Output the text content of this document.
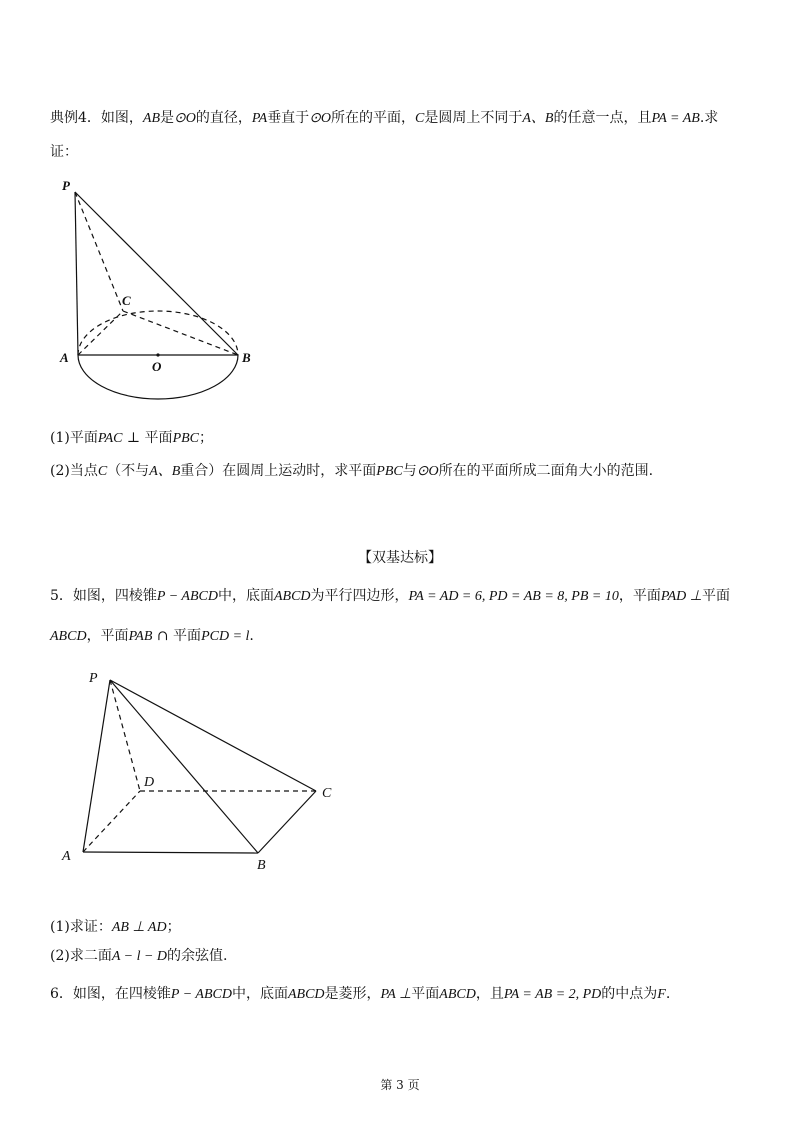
典例4．如图，AB是⊙O的直径，PA垂直于⊙O所在的平面，C是圆周上不同于A、B的任意一点，且PA = AB.求
证：
(1)平面PAC ⊥ 平面PBC；
(2)当点C（不与A、B重合）在圆周上运动时，求平面PBC与⊙O所在的平面所成二面角大小的范围.
【双基达标】
5．如图，四棱锥P − ABCD中，底面ABCD为平行四边形，PA = AD = 6, PD = AB = 8, PB = 10，平面PAD ⊥平面
ABCD，平面PAB ∩ 平面PCD = l.
(1)求证：AB ⊥ AD；
(2)求二面A − l − D的余弦值.
6．如图，在四棱锥P − ABCD中，底面ABCD是菱形，PA ⊥平面ABCD，且PA = AB = 2, PD的中点为F.
第 3 页
P
C
A
O
B
P
D
C
A
B
